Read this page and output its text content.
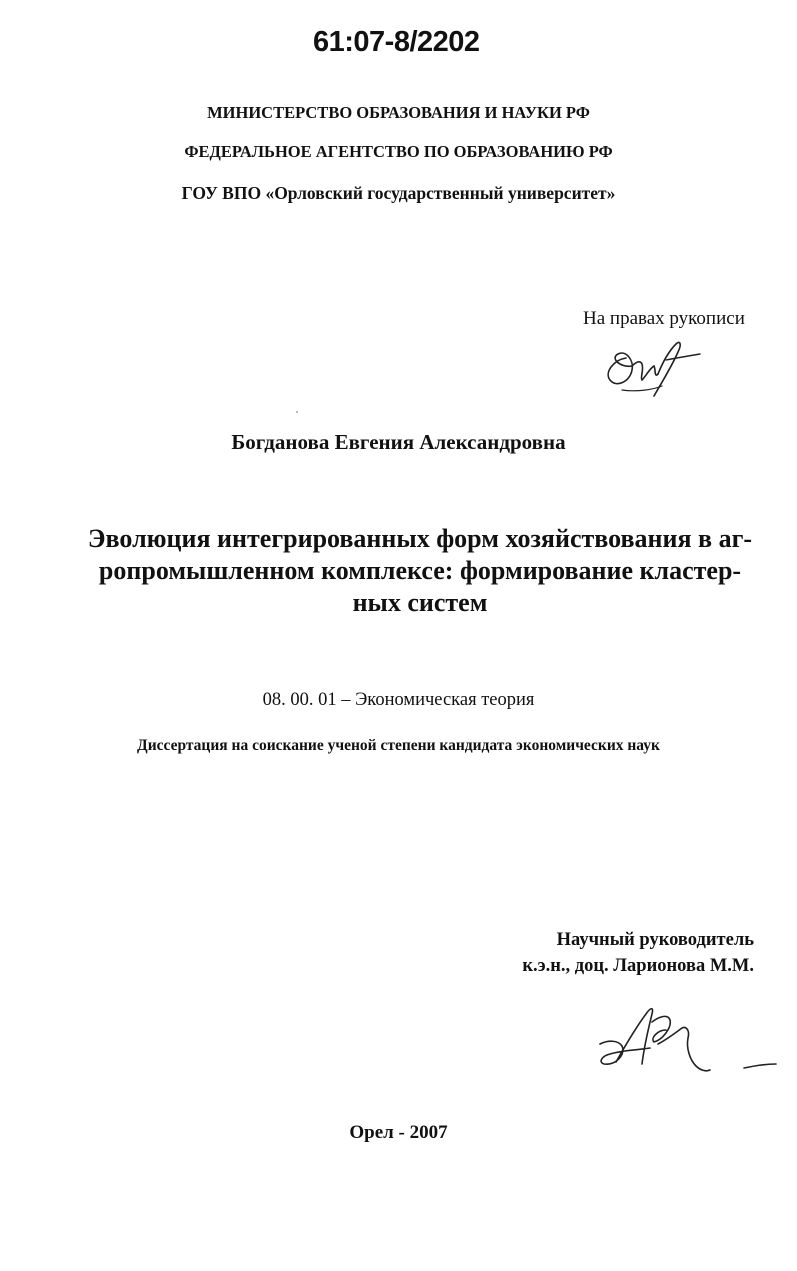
61:07-8/2202
МИНИСТЕРСТВО ОБРАЗОВАНИЯ И НАУКИ РФ
ФЕДЕРАЛЬНОЕ АГЕНТСТВО ПО ОБРАЗОВАНИЮ РФ
ГОУ ВПО «Орловский государственный университет»
На правах рукописи
Богданова Евгения Александровна
Эволюция интегрированных форм хозяйствования в аг-
ропромышленном комплексе: формирование кластер-
ных систем
08. 00. 01 – Экономическая теория
Диссертация на соискание ученой степени кандидата экономических наук
Научный руководитель
к.э.н., доц. Ларионова М.М.
Орел - 2007
